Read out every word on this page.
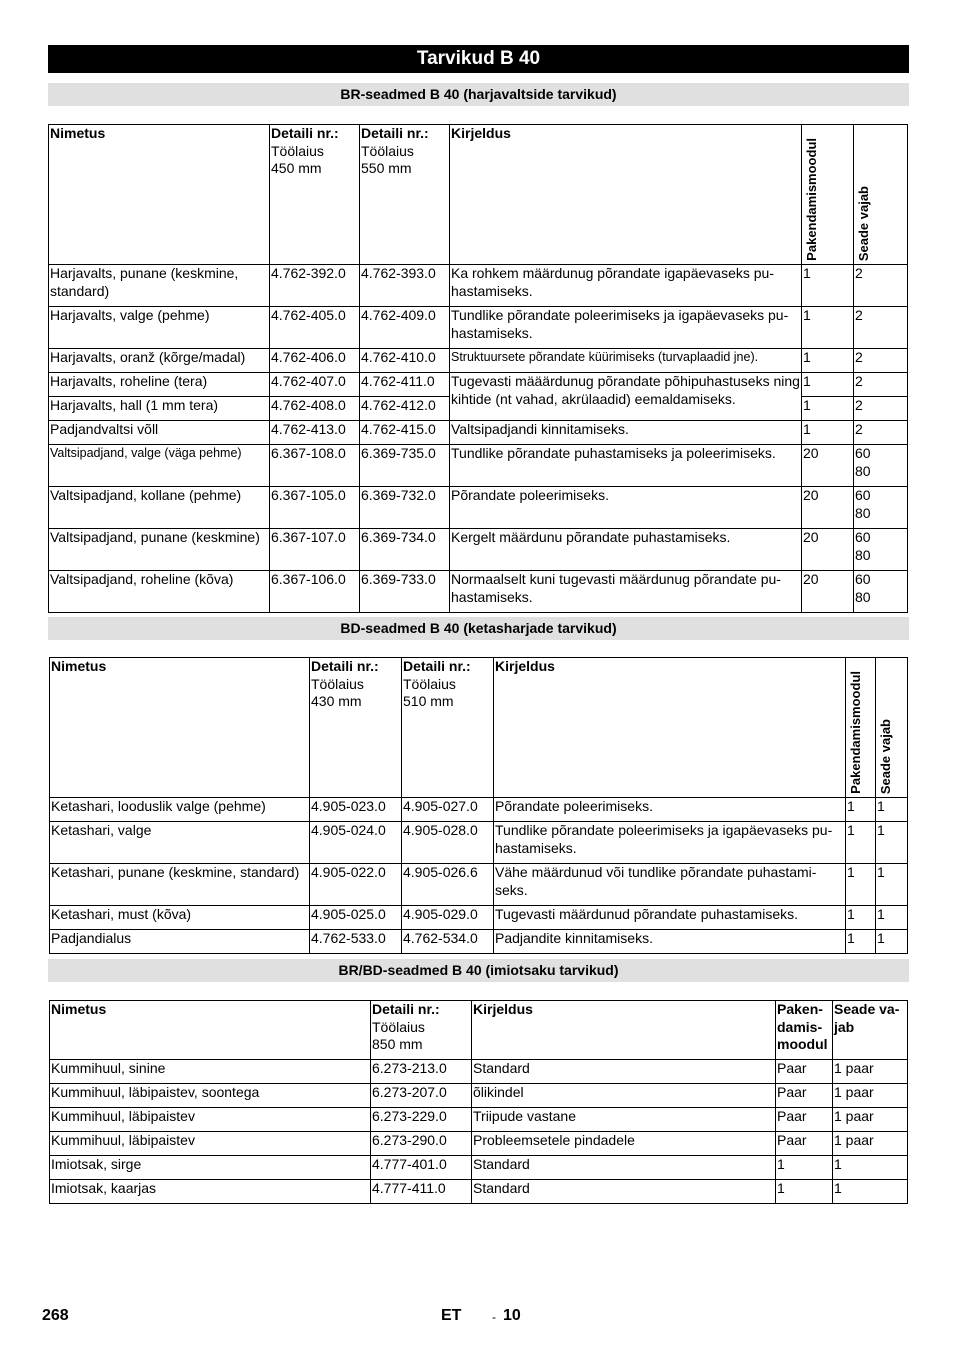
Tarvikud B 40
BR-seadmed B 40 (harjavaltside tarvikud)
Nimetus	Detaili nr.:
Töölaius
450 mm	Detaili nr.:
Töölaius
550 mm	Kirjeldus	Pakendamismoodul	Seade vajab

Harjavalts, punane (keskmine, standard)	4.762-392.0	4.762-393.0	Ka rohkem määrdunug põrandate igapäevaseks pu-hastamiseks.	1	2
Harjavalts, valge (pehme)	4.762-405.0	4.762-409.0	Tundlike põrandate poleerimiseks ja igapäevaseks pu-hastamiseks.	1	2
Harjavalts, oranž (kõrge/madal)	4.762-406.0	4.762-410.0	Struktuursete põrandate küürimiseks (turvaplaadid jne).	1	2
Harjavalts, roheline (tera)	4.762-407.0	4.762-411.0	Tugevasti määärdunug põrandate põhipuhastuseks ning kihtide (nt vahad, akrülaadid) eemaldamiseks.	1	2
Harjavalts, hall (1 mm tera)	4.762-408.0	4.762-412.0		1	2
Padjandvaltsi võll	4.762-413.0	4.762-415.0	Valtsipadjandi kinnitamiseks.	1	2
Valtsipadjand, valge (väga pehme)	6.367-108.0	6.369-735.0	Tundlike põrandate puhastamiseks ja poleerimiseks.	20	60
80
Valtsipadjand, kollane (pehme)	6.367-105.0	6.369-732.0	Põrandate poleerimiseks.	20	60
80
Valtsipadjand, punane (keskmine)	6.367-107.0	6.369-734.0	Kergelt määrdunu põrandate puhastamiseks.	20	60
80
Valtsipadjand, roheline (kõva)	6.367-106.0	6.369-733.0	Normaalselt kuni tugevasti määrdunug põrandate pu-hastamiseks.	20	60
80
BD-seadmed B 40 (ketasharjade tarvikud)
Nimetus	Detaili nr.:
Töölaius
430 mm	Detaili nr.:
Töölaius
510 mm	Kirjeldus	Pakendamismoodul	Seade vajab

Ketashari, looduslik valge (pehme)	4.905-023.0	4.905-027.0	Põrandate poleerimiseks.	1	1
Ketashari, valge	4.905-024.0	4.905-028.0	Tundlike põrandate poleerimiseks ja igapäevaseks pu-hastamiseks.	1	1
Ketashari, punane (keskmine, standard)	4.905-022.0	4.905-026.6	Vähe määrdunud või tundlike põrandate puhastami-seks.	1	1
Ketashari, must (kõva)	4.905-025.0	4.905-029.0	Tugevasti määrdunud põrandate puhastamiseks.	1	1
Padjandialus	4.762-533.0	4.762-534.0	Padjandite kinnitamiseks.	1	1
BR/BD-seadmed B 40 (imiotsaku tarvikud)
Nimetus	Detaili nr.:
Töölaius
850 mm	Kirjeldus	Paken-
damis-
moodul	Seade va-
jab
Kummihuul, sinine	6.273-213.0	Standard	Paar	1 paar
Kummihuul, läbipaistev, soontega	6.273-207.0	õlikindel	Paar	1 paar
Kummihuul, läbipaistev	6.273-229.0	Triipude vastane	Paar	1 paar
Kummihuul, läbipaistev	6.273-290.0	Probleemsetele pindadele	Paar	1 paar
Imiotsak, sirge	4.777-401.0	Standard	1	1
Imiotsak, kaarjas	4.777-411.0	Standard	1	1
268	ET	- 10
